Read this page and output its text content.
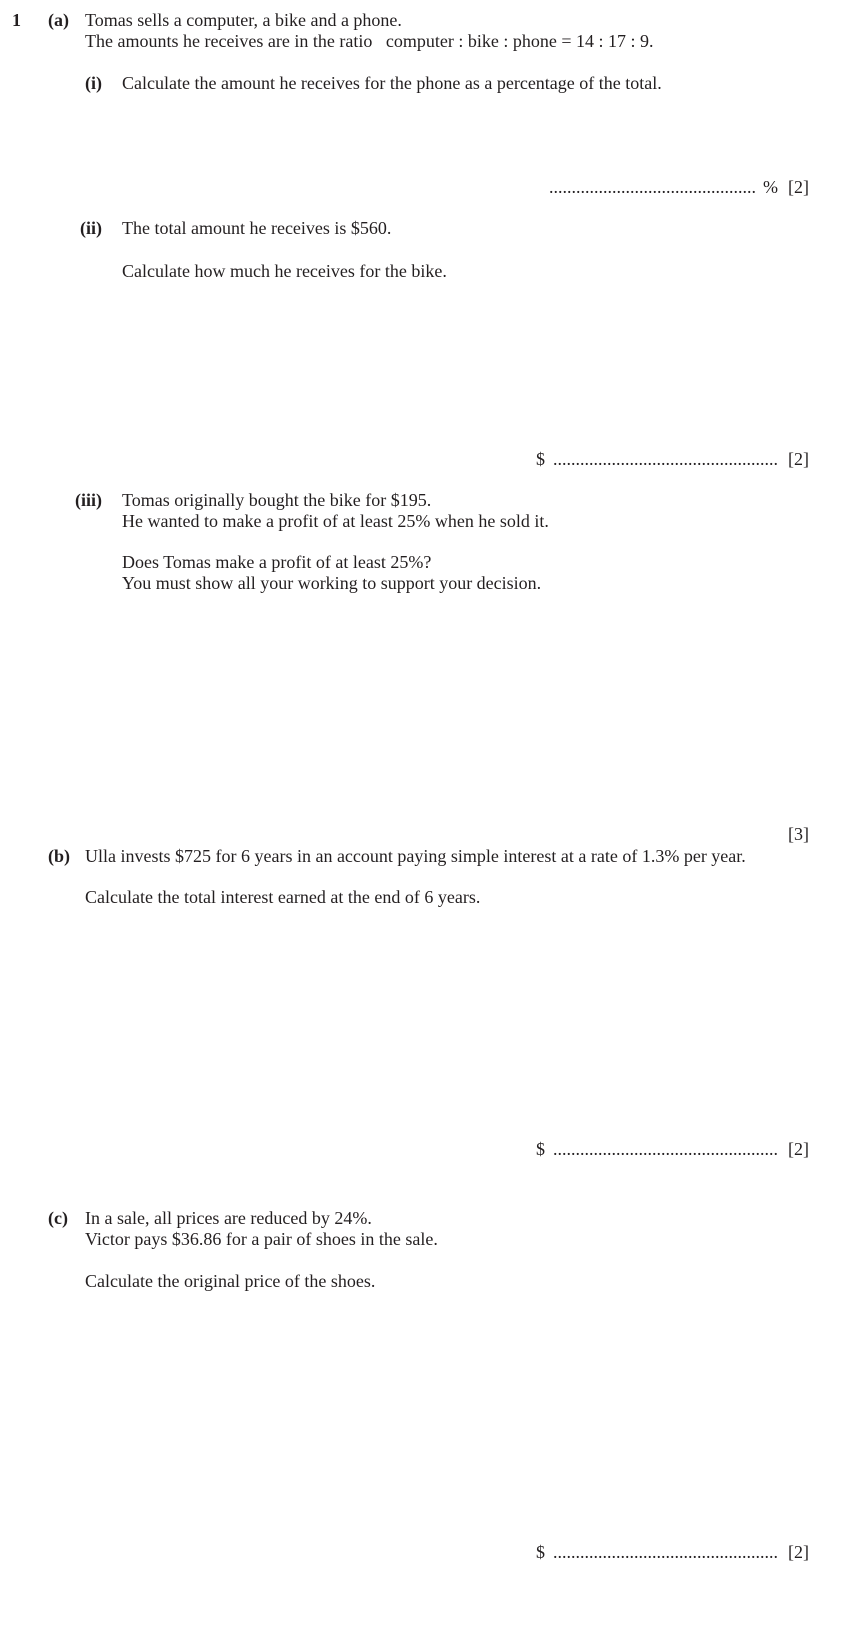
1 (a) Tomas sells a computer, a bike and a phone.
The amounts he receives are in the ratio   computer : bike : phone = 14 : 17 : 9.
(i) Calculate the amount he receives for the phone as a percentage of the total.
.............................................. % [2]
(ii) The total amount he receives is $560.
Calculate how much he receives for the bike.
$ .................................................. [2]
(iii) Tomas originally bought the bike for $195.
He wanted to make a profit of at least 25% when he sold it.
Does Tomas make a profit of at least 25%?
You must show all your working to support your decision.
[3]
(b) Ulla invests $725 for 6 years in an account paying simple interest at a rate of 1.3% per year.
Calculate the total interest earned at the end of 6 years.
$ .................................................. [2]
(c) In a sale, all prices are reduced by 24%.
Victor pays $36.86 for a pair of shoes in the sale.
Calculate the original price of the shoes.
$ .................................................. [2]
